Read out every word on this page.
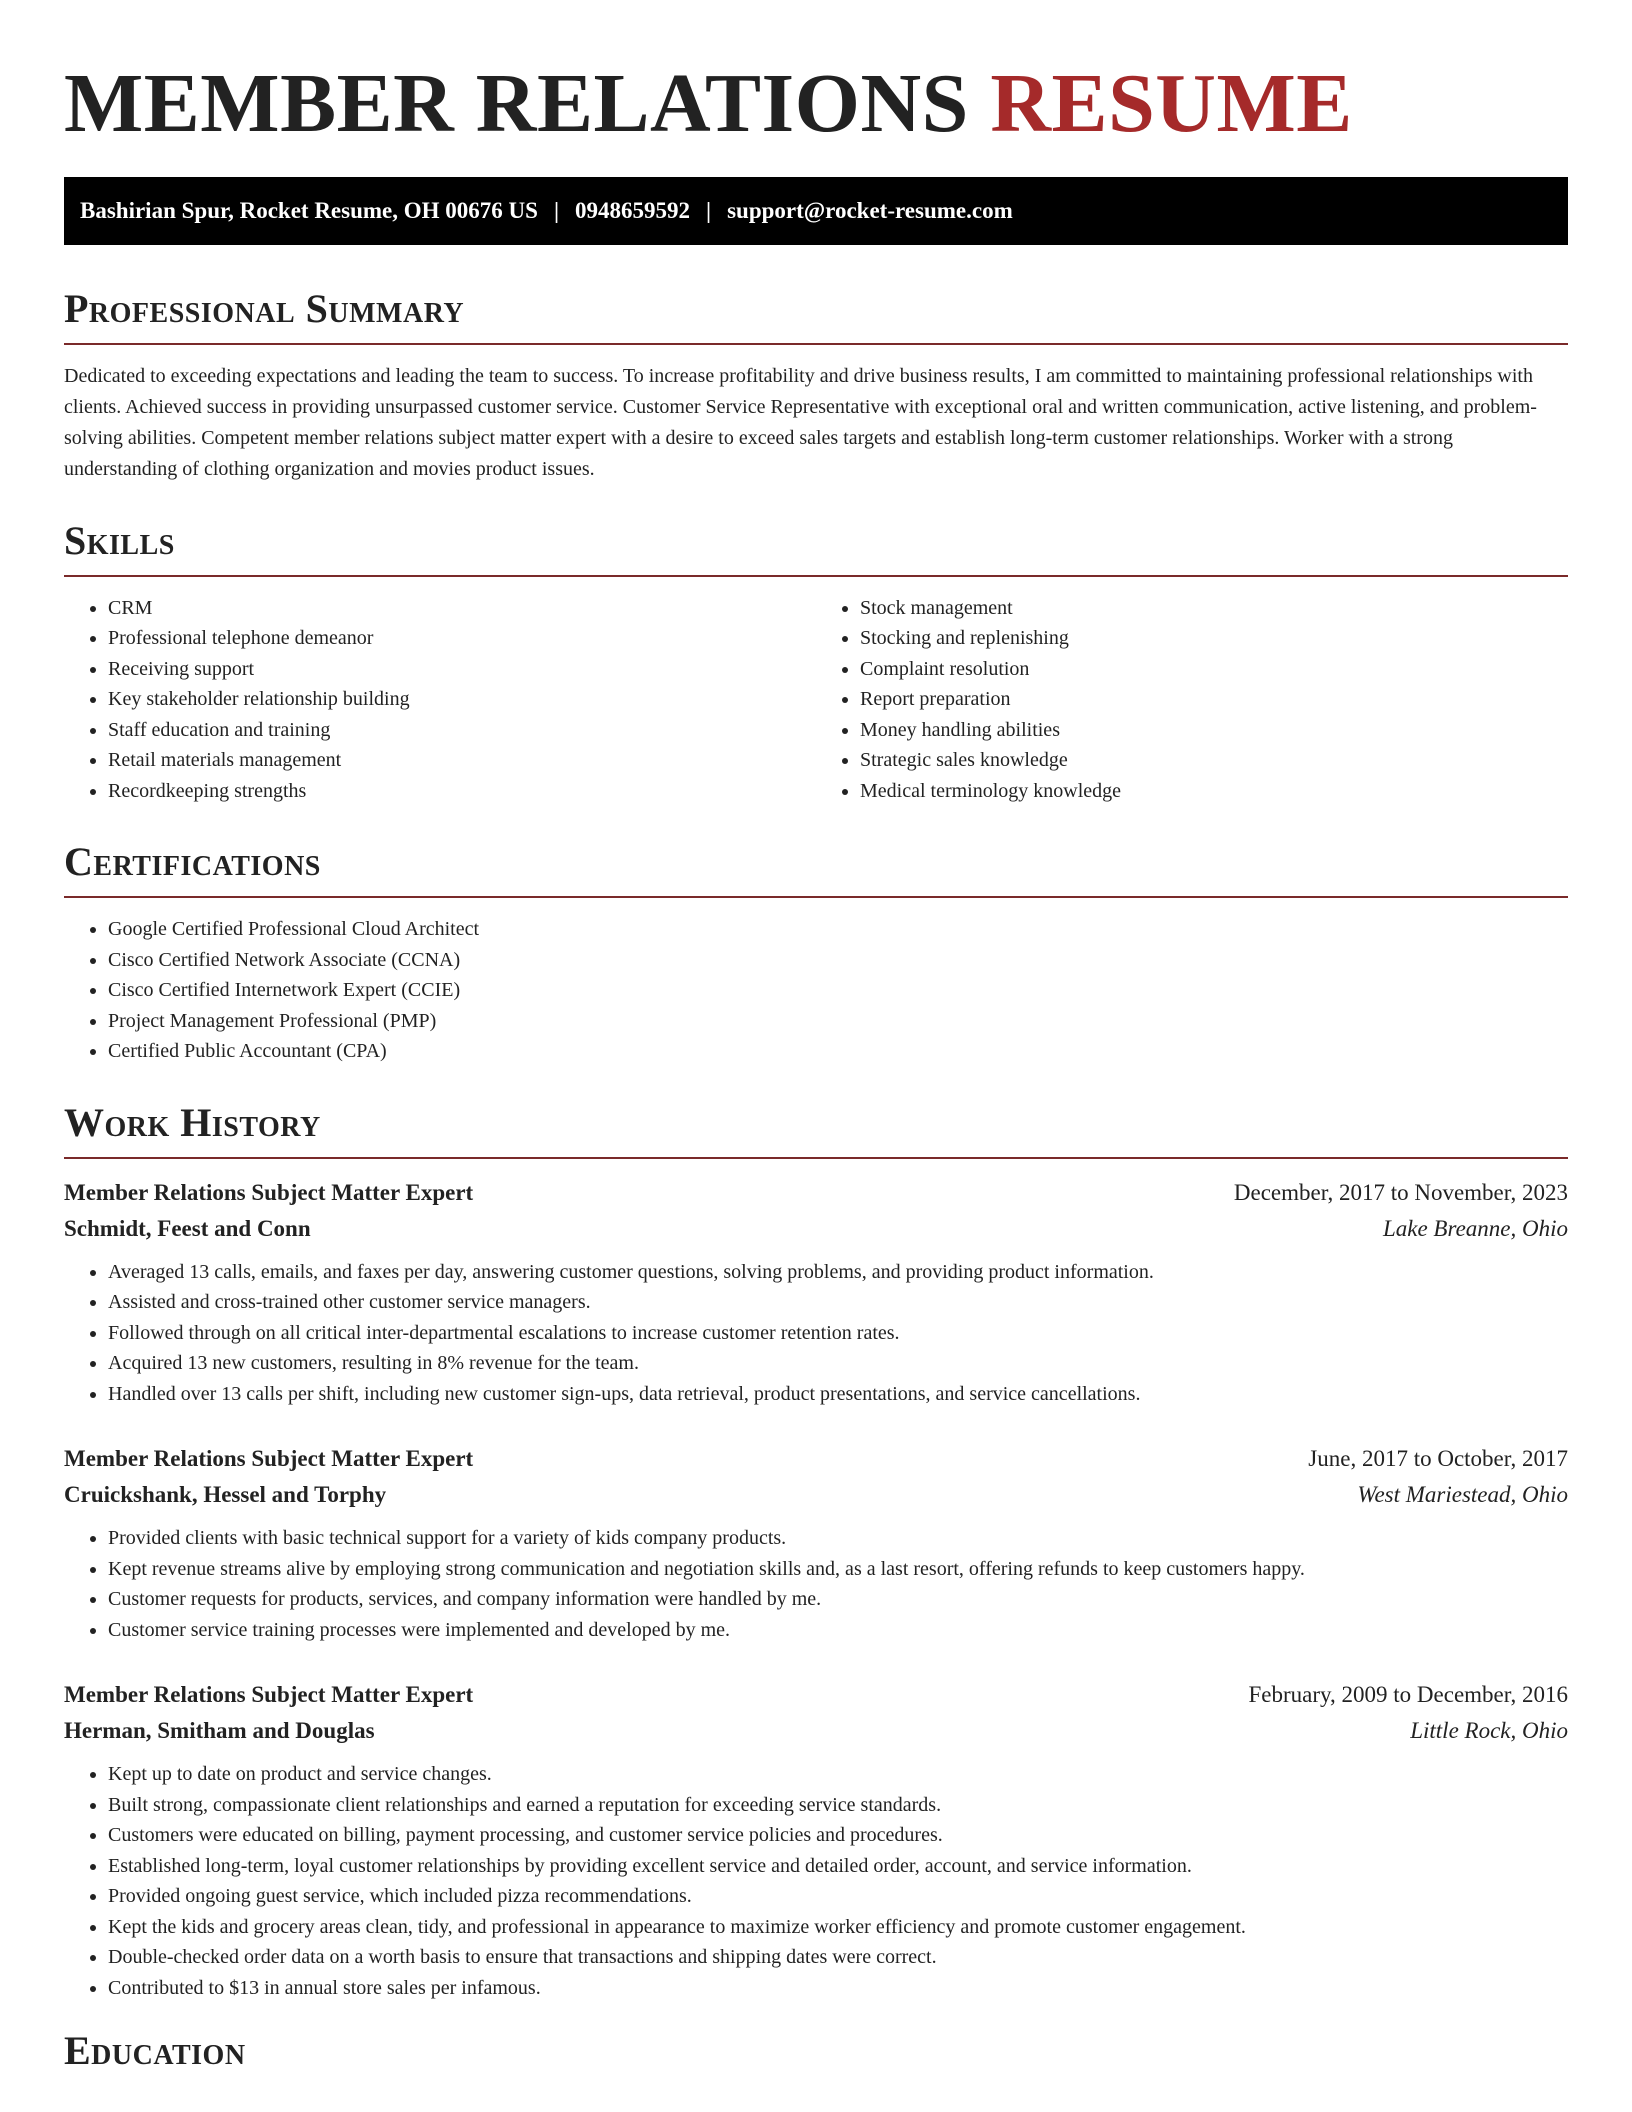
MEMBER RELATIONS RESUME
Bashirian Spur, Rocket Resume, OH 00676 US | 0948659592 | support@rocket-resume.com
Professional Summary

Dedicated to exceeding expectations and leading the team to success. To increase profitability and drive business results, I am committed to maintaining professional relationships with clients. Achieved success in providing unsurpassed customer service. Customer Service Representative with exceptional oral and written communication, active listening, and problem-solving abilities. Competent member relations subject matter expert with a desire to exceed sales targets and establish long-term customer relationships. Worker with a strong understanding of clothing organization and movies product issues.

Skills
• CRM
• Professional telephone demeanor
• Receiving support
• Key stakeholder relationship building
• Staff education and training
• Retail materials management
• Recordkeeping strengths
• Stock management
• Stocking and replenishing
• Complaint resolution
• Report preparation
• Money handling abilities
• Strategic sales knowledge
• Medical terminology knowledge
Certifications
• Google Certified Professional Cloud Architect
• Cisco Certified Network Associate (CCNA)
• Cisco Certified Internetwork Expert (CCIE)
• Project Management Professional (PMP)
• Certified Public Accountant (CPA)
Work History
Member Relations Subject Matter Expert	December, 2017 to November, 2023
Schmidt, Feest and Conn	Lake Breanne, Ohio
• Averaged 13 calls, emails, and faxes per day, answering customer questions, solving problems, and providing product information.
• Assisted and cross-trained other customer service managers.
• Followed through on all critical inter-departmental escalations to increase customer retention rates.
• Acquired 13 new customers, resulting in 8% revenue for the team.
• Handled over 13 calls per shift, including new customer sign-ups, data retrieval, product presentations, and service cancellations.
Member Relations Subject Matter Expert	June, 2017 to October, 2017
Cruickshank, Hessel and Torphy	West Mariestead, Ohio
• Provided clients with basic technical support for a variety of kids company products.
• Kept revenue streams alive by employing strong communication and negotiation skills and, as a last resort, offering refunds to keep customers happy.
• Customer requests for products, services, and company information were handled by me.
• Customer service training processes were implemented and developed by me.
Member Relations Subject Matter Expert	February, 2009 to December, 2016
Herman, Smitham and Douglas	Little Rock, Ohio
• Kept up to date on product and service changes.
• Built strong, compassionate client relationships and earned a reputation for exceeding service standards.
• Customers were educated on billing, payment processing, and customer service policies and procedures.
• Established long-term, loyal customer relationships by providing excellent service and detailed order, account, and service information.
• Provided ongoing guest service, which included pizza recommendations.
• Kept the kids and grocery areas clean, tidy, and professional in appearance to maximize worker efficiency and promote customer engagement.
• Double-checked order data on a worth basis to ensure that transactions and shipping dates were correct.
• Contributed to $13 in annual store sales per infamous.
Education
